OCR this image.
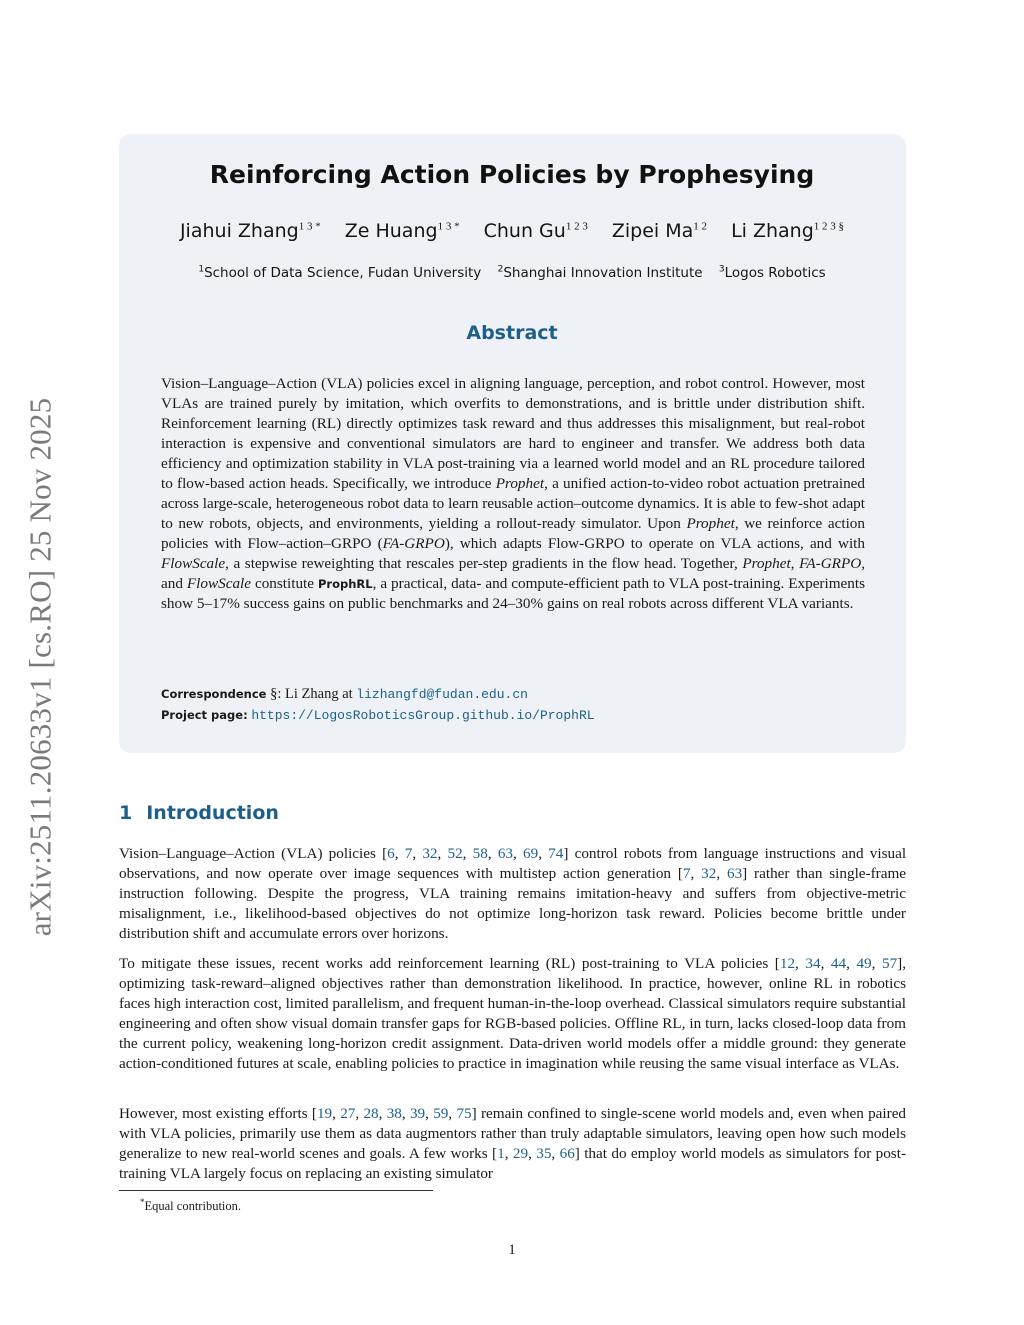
arXiv:2511.20633v1 [cs.RO] 25 Nov 2025
Reinforcing Action Policies by Prophesying
Jiahui Zhang$^{1 3 *}$ Ze Huang$^{1 3 *}$ Chun $Gu^{1 2 3}$ Zipei $Ma^{1 2}$ Li Zhang$^{1 2 3 \S}$
$^1$School of Data Science, Fudan University $^2$Shanghai Innovation Institute $^3$Logos Robotics
Abstract

Vision–Language–Action (VLA) policies excel in aligning language, perception, and robot control. However, most VLAs are trained purely by imitation, which overfits to demonstrations, and is brittle under distribution shift. Reinforcement learning (RL) directly optimizes task reward and thus addresses this misalignment, but real-robot interaction is expensive and conventional simulators are hard to engineer and transfer. We address both data efficiency and optimization stability in VLA post-training via a learned world model and an RL procedure tailored to flow-based action heads. Specifically, we introduce Prophet, a unified action-to-video robot actuation pretrained across large-scale, heterogeneous robot data to learn reusable action–outcome dynamics. It is able to few-shot adapt to new robots, objects, and environments, yielding a rollout-ready simulator. Upon Prophet, we reinforce action policies with Flow–action–GRPO (FA-GRPO), which adapts Flow-GRPO to operate on VLA actions, and with FlowScale, a stepwise reweighting that rescales per-step gradients in the flow head. Together, Prophet, FA-GRPO, and FlowScale constitute ProphRL, a practical, data- and compute-efficient path to VLA post-training. Experiments show 5–17% success gains on public benchmarks and 24–30% gains on real robots across different VLA variants.

Correspondence §: Li Zhang at lizhangfd@fudan.edu.cn
Project page: https://LogosRoboticsGroup.github.io/ProphRL
1 Introduction

Vision–Language–Action (VLA) policies [6, 7, 32, 52, 58, 63, 69, 74] control robots from language instructions and visual observations, and now operate over image sequences with multistep action generation [7, 32, 63] rather than single-frame instruction following. Despite the progress, VLA training remains imitation-heavy and suffers from objective-metric misalignment, i.e., likelihood-based objectives do not optimize long-horizon task reward. Policies become brittle under distribution shift and accumulate errors over horizons.

To mitigate these issues, recent works add reinforcement learning (RL) post-training to VLA policies [12, 34, 44, 49, 57], optimizing task-reward–aligned objectives rather than demonstration likelihood. In practice, however, online RL in robotics faces high interaction cost, limited parallelism, and frequent human-in-the-loop overhead. Classical simulators require substantial engineering and often show visual domain transfer gaps for RGB-based policies. Offline RL, in turn, lacks closed-loop data from the current policy, weakening long-horizon credit assignment. Data-driven world models offer a middle ground: they generate action-conditioned futures at scale, enabling policies to practice in imagination while reusing the same visual interface as VLAs.

However, most existing efforts [19, 27, 28, 38, 39, 59, 75] remain confined to single-scene world models and, even when paired with VLA policies, primarily use them as data augmentors rather than truly adaptable simulators, leaving open how such models generalize to new real-world scenes and goals. A few works [1, 29, 35, 66] that do employ world models as simulators for post-training VLA largely focus on replacing an existing simulator

*Equal contribution.
1
